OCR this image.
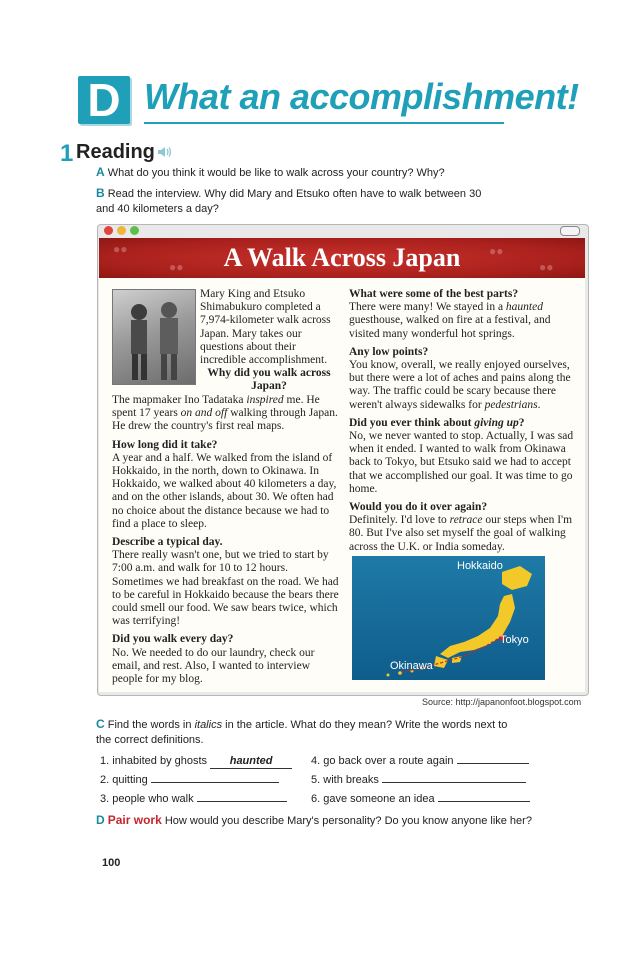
D What an accomplishment!
1 Reading
A What do you think it would be like to walk across your country? Why?
B Read the interview. Why did Mary and Etsuko often have to walk between 30
and 40 kilometers a day?
●●
●●
●●
●●
A Walk Across Japan

Mary King and Etsuko Shimabukuro completed a 7,974-kilometer walk across Japan. Mary takes our questions about their incredible accomplishment.

Why did you walk across Japan?

The mapmaker Ino Tadataka inspired me. He spent 17 years on and off walking through Japan. He drew the country's first real maps.

How long did it take?

A year and a half. We walked from the island of Hokkaido, in the north, down to Okinawa. In Hokkaido, we walked about 40 kilometers a day, and on the other islands, about 30. We often had no choice about the distance because we had to find a place to sleep.

Describe a typical day.

There really wasn't one, but we tried to start by 7:00 a.m. and walk for 10 to 12 hours. Sometimes we had breakfast on the road. We had to be careful in Hokkaido because the bears there could smell our food. We saw bears twice, which was terrifying!

Did you walk every day?

No. We needed to do our laundry, check our email, and rest. Also, I wanted to interview people for my blog.

What were some of the best parts?

There were many! We stayed in a haunted guesthouse, walked on fire at a festival, and visited many wonderful hot springs.

Any low points?

You know, overall, we really enjoyed ourselves, but there were a lot of aches and pains along the way. The traffic could be scary because there weren't always sidewalks for pedestrians.

Did you ever think about giving up?

No, we never wanted to stop. Actually, I was sad when it ended. I wanted to walk from Okinawa back to Tokyo, but Etsuko said we had to accept that we accomplished our goal. It was time to go home.

Would you do it over again?

Definitely. I'd love to retrace our steps when I'm 80. But I've also set myself the goal of walking across the U.K. or India someday.

Hokkaido
Tokyo
Okinawa
Source: http://japanonfoot.blogspot.com
C Find the words in italics in the article. What do they mean? Write the words next to
the correct definitions.
1. inhabited by ghosts haunted
2. quitting
3. people who walk
4. go back over a route again
5. with breaks
6. gave someone an idea
D Pair work How would you describe Mary's personality? Do you know anyone like her?
100
